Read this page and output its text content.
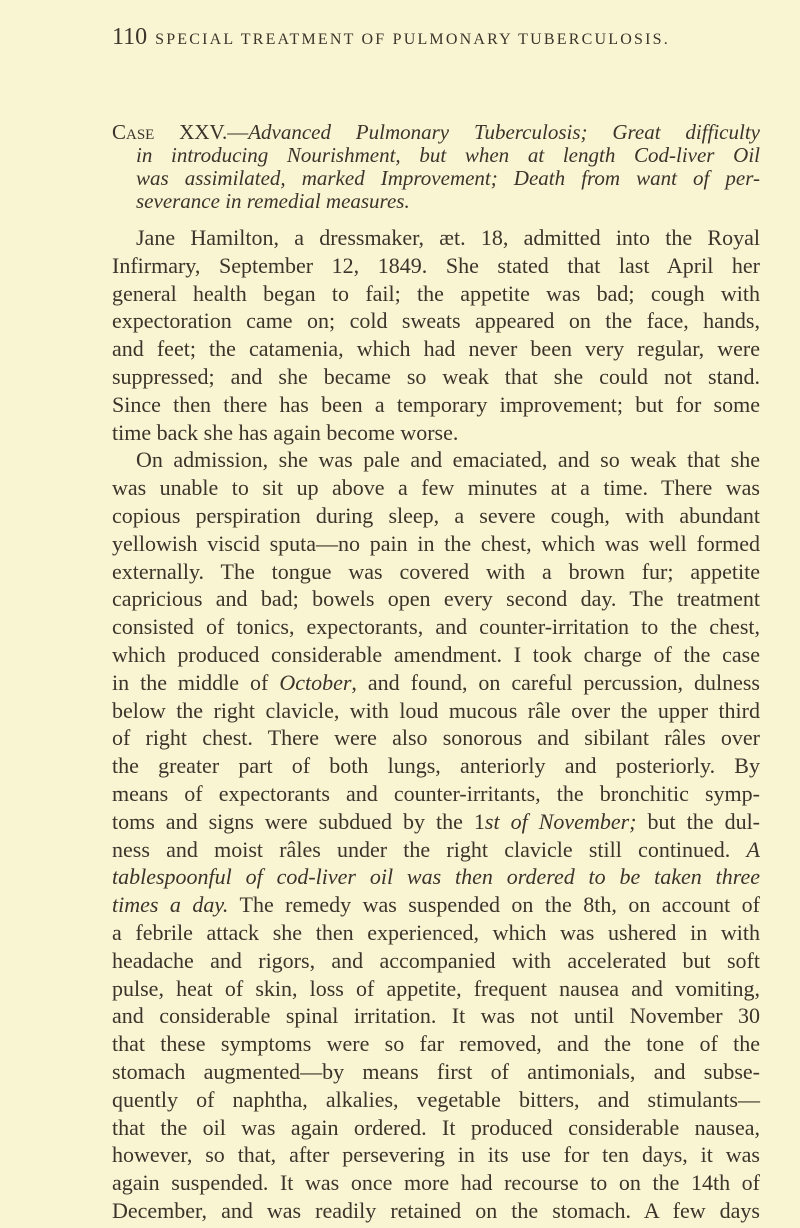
110 SPECIAL TREATMENT OF PULMONARY TUBERCULOSIS.
Case XXV.—Advanced Pulmonary Tuberculosis; Great difficulty
in introducing Nourishment, but when at length Cod-liver Oil
was assimilated, marked Improvement; Death from want of per-
severance in remedial measures.
Jane Hamilton, a dressmaker, æt. 18, admitted into the Royal
Infirmary, September 12, 1849. She stated that last April her
general health began to fail; the appetite was bad; cough with
expectoration came on; cold sweats appeared on the face, hands,
and feet; the catamenia, which had never been very regular, were
suppressed; and she became so weak that she could not stand.
Since then there has been a temporary improvement; but for some
time back she has again become worse.
On admission, she was pale and emaciated, and so weak that she
was unable to sit up above a few minutes at a time. There was
copious perspiration during sleep, a severe cough, with abundant
yellowish viscid sputa—no pain in the chest, which was well formed
externally. The tongue was covered with a brown fur; appetite
capricious and bad; bowels open every second day. The treatment
consisted of tonics, expectorants, and counter-irritation to the chest,
which produced considerable amendment. I took charge of the case
in the middle of October, and found, on careful percussion, dulness
below the right clavicle, with loud mucous râle over the upper third
of right chest. There were also sonorous and sibilant râles over
the greater part of both lungs, anteriorly and posteriorly. By
means of expectorants and counter-irritants, the bronchitic symp-
toms and signs were subdued by the 1st of November; but the dul-
ness and moist râles under the right clavicle still continued. A
tablespoonful of cod-liver oil was then ordered to be taken three
times a day. The remedy was suspended on the 8th, on account of
a febrile attack she then experienced, which was ushered in with
headache and rigors, and accompanied with accelerated but soft
pulse, heat of skin, loss of appetite, frequent nausea and vomiting,
and considerable spinal irritation. It was not until November 30
that these symptoms were so far removed, and the tone of the
stomach augmented—by means first of antimonials, and subse-
quently of naphtha, alkalies, vegetable bitters, and stimulants—
that the oil was again ordered. It produced considerable nausea,
however, so that, after persevering in its use for ten days, it was
again suspended. It was once more had recourse to on the 14th of
December, and was readily retained on the stomach. A few days
